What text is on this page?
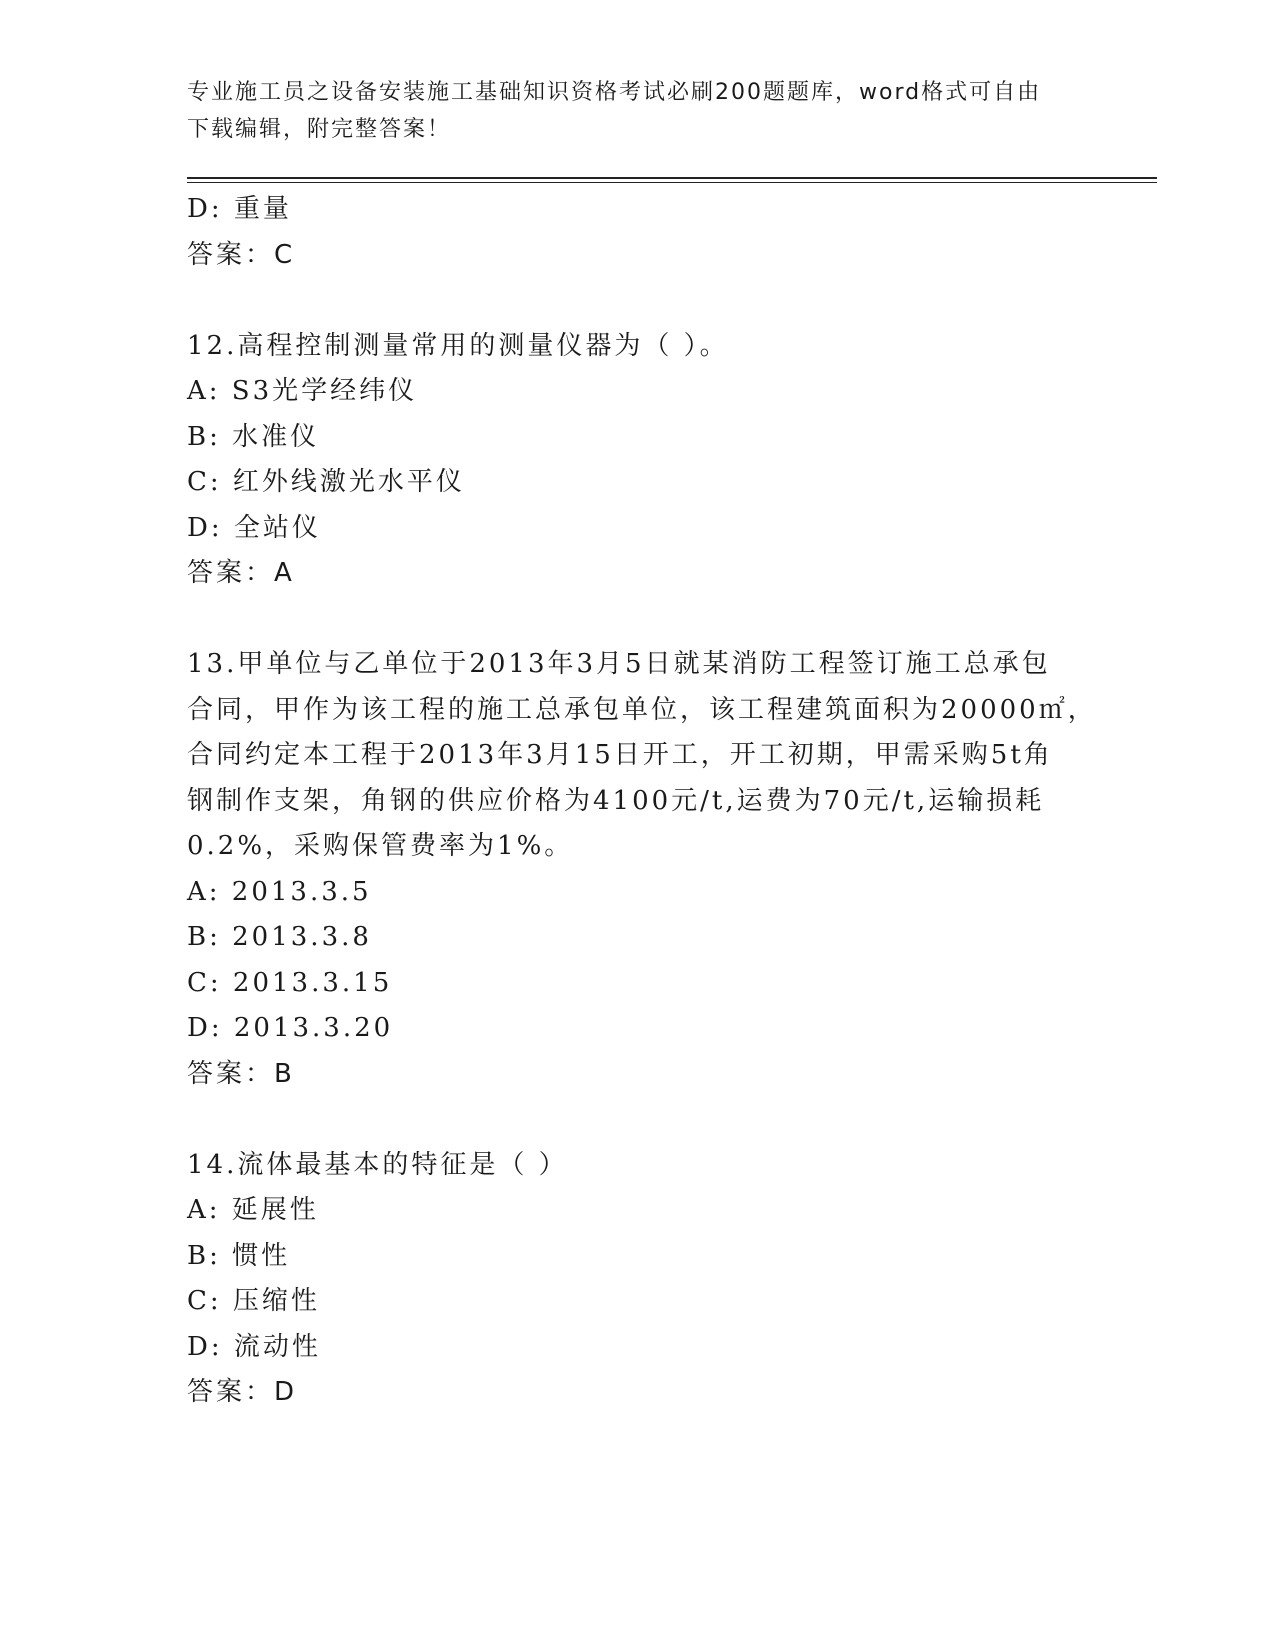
专业施工员之设备安装施工基础知识资格考试必刷200题题库，word格式可自由
下载编辑，附完整答案！
D: 重量
答案：C
12.高程控制测量常用的测量仪器为（ ）。
A: S3光学经纬仪
B: 水准仪
C: 红外线激光水平仪
D: 全站仪
答案：A
13.甲单位与乙单位于2013年3月5日就某消防工程签订施工总承包
合同，甲作为该工程的施工总承包单位，该工程建筑面积为20000㎡，
合同约定本工程于2013年3月15日开工，开工初期，甲需采购5t角
钢制作支架，角钢的供应价格为4100元/t,运费为70元/t,运输损耗
0.2%，采购保管费率为1%。
A: 2013.3.5
B: 2013.3.8
C: 2013.3.15
D: 2013.3.20
答案：B
14.流体最基本的特征是（ ）
A: 延展性
B: 惯性
C: 压缩性
D: 流动性
答案：D
